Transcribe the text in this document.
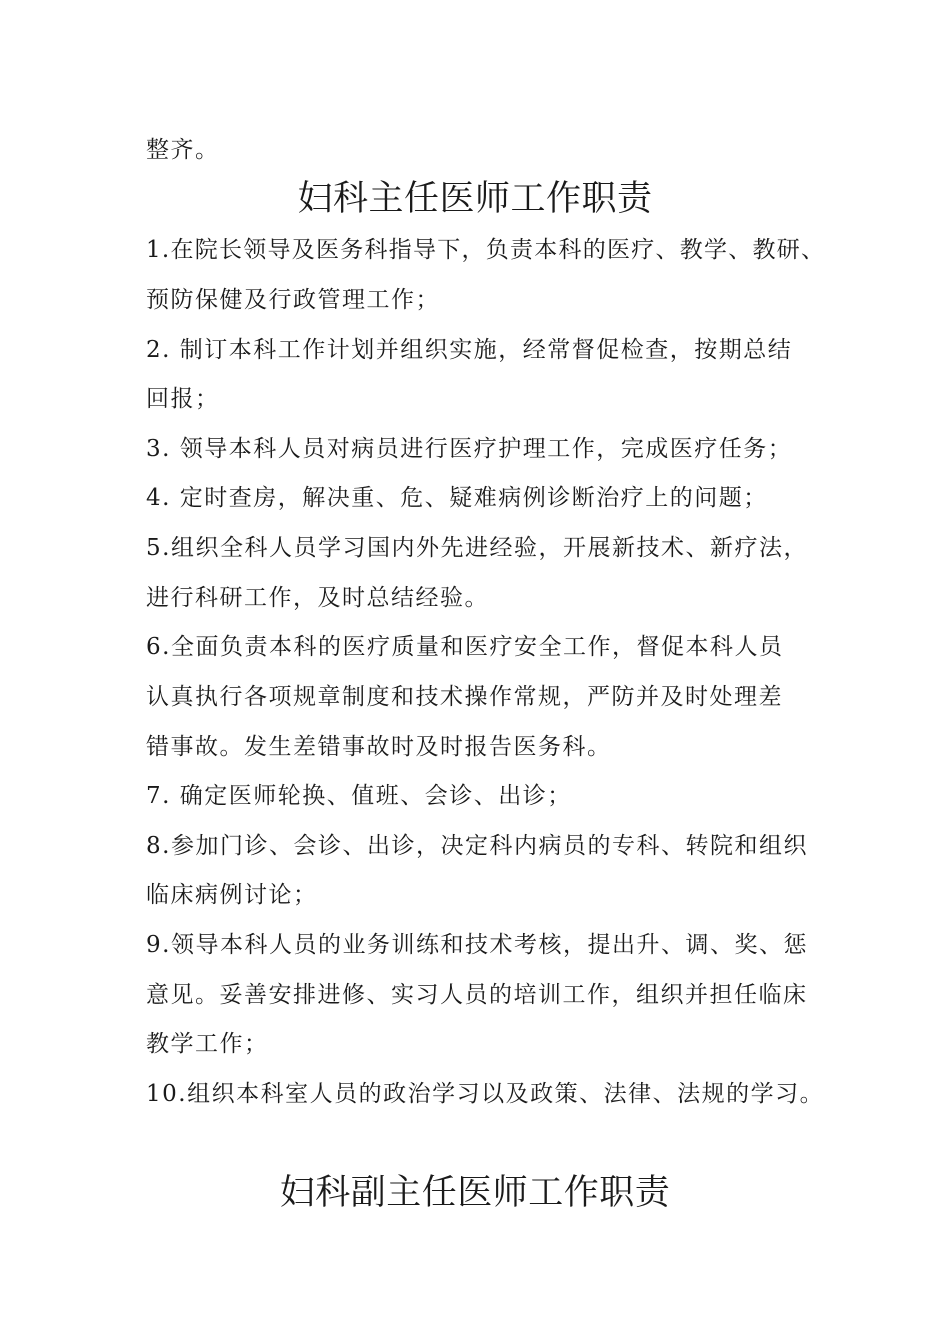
整齐。
妇科主任医师工作职责
1.在院长领导及医务科指导下，负责本科的医疗、教学、教研、
预防保健及行政管理工作；
2. 制订本科工作计划并组织实施，经常督促检查，按期总结
回报；
3. 领导本科人员对病员进行医疗护理工作，完成医疗任务；
4. 定时查房，解决重、危、疑难病例诊断治疗上的问题；
5.组织全科人员学习国内外先进经验，开展新技术、新疗法，
进行科研工作，及时总结经验。
6.全面负责本科的医疗质量和医疗安全工作，督促本科人员
认真执行各项规章制度和技术操作常规，严防并及时处理差
错事故。发生差错事故时及时报告医务科。
7. 确定医师轮换、值班、会诊、出诊；
8.参加门诊、会诊、出诊，决定科内病员的专科、转院和组织
临床病例讨论；
9.领导本科人员的业务训练和技术考核，提出升、调、奖、惩
意见。妥善安排进修、实习人员的培训工作，组织并担任临床
教学工作；
10.组织本科室人员的政治学习以及政策、法律、法规的学习。
妇科副主任医师工作职责
